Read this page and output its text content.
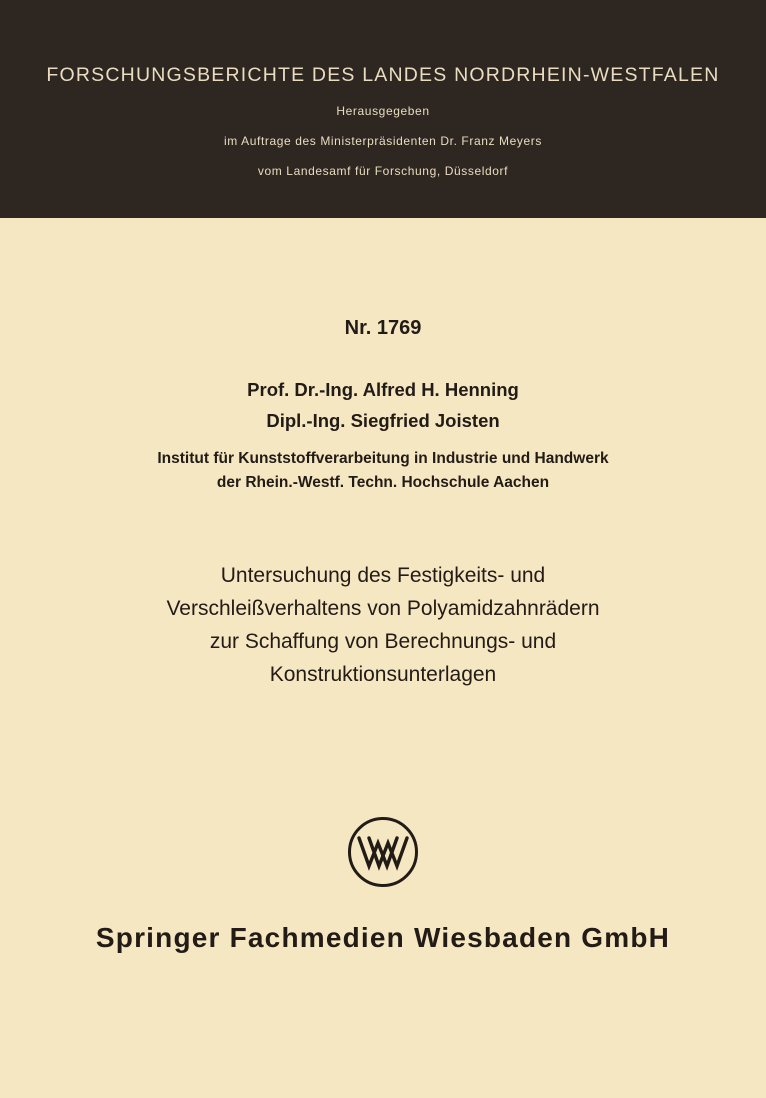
FORSCHUNGSBERICHTE DES LANDES NORDRHEIN-WESTFALEN
Herausgegeben
im Auftrage des Ministerpräsidenten Dr. Franz Meyers
vom Landesamf für Forschung, Düsseldorf
Nr. 1769
Prof. Dr.-Ing. Alfred H. Henning
Dipl.-Ing. Siegfried Joisten
Institut für Kunststoffverarbeitung in Industrie und Handwerk
der Rhein.-Westf. Techn. Hochschule Aachen
Untersuchung des Festigkeits- und
Verschleißverhaltens von Polyamidzahnrädern
zur Schaffung von Berechnungs- und
Konstruktionsunterlagen
Springer Fachmedien Wiesbaden GmbH
